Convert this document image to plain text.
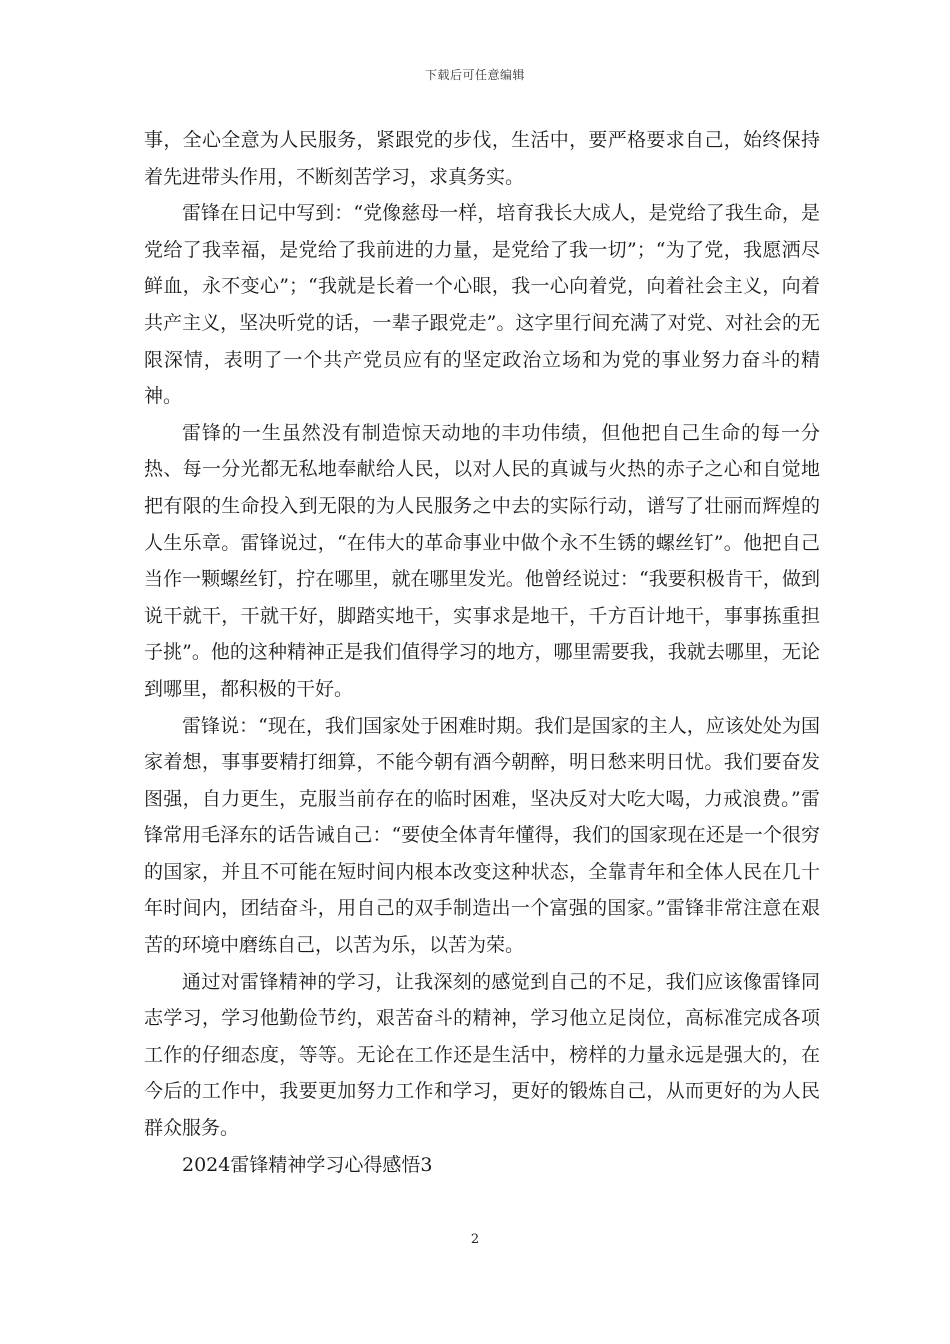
下载后可任意编辑

事，全心全意为人民服务，紧跟党的步伐，生活中，要严格要求自己，始终保持着先进带头作用，不断刻苦学习，求真务实。

雷锋在日记中写到：“党像慈母一样，培育我长大成人，是党给了我生命，是党给了我幸福，是党给了我前进的力量，是党给了我一切”；“为了党，我愿洒尽鲜血，永不变心”；“我就是长着一个心眼，我一心向着党，向着社会主义，向着共产主义，坚决听党的话，一辈子跟党走”。这字里行间充满了对党、对社会的无限深情，表明了一个共产党员应有的坚定政治立场和为党的事业努力奋斗的精神。

雷锋的一生虽然没有制造惊天动地的丰功伟绩，但他把自己生命的每一分热、每一分光都无私地奉献给人民，以对人民的真诚与火热的赤子之心和自觉地把有限的生命投入到无限的为人民服务之中去的实际行动，谱写了壮丽而辉煌的人生乐章。雷锋说过，“在伟大的革命事业中做个永不生锈的螺丝钉”。他把自己当作一颗螺丝钉，拧在哪里，就在哪里发光。他曾经说过：“我要积极肯干，做到说干就干，干就干好，脚踏实地干，实事求是地干，千方百计地干，事事拣重担子挑”。他的这种精神正是我们值得学习的地方，哪里需要我，我就去哪里，无论到哪里，都积极的干好。

雷锋说：“现在，我们国家处于困难时期。我们是国家的主人，应该处处为国家着想，事事要精打细算，不能今朝有酒今朝醉，明日愁来明日忧。我们要奋发图强，自力更生，克服当前存在的临时困难，坚决反对大吃大喝，力戒浪费。”雷锋常用毛泽东的话告诫自己：“要使全体青年懂得，我们的国家现在还是一个很穷的国家，并且不可能在短时间内根本改变这种状态，全靠青年和全体人民在几十年时间内，团结奋斗，用自己的双手制造出一个富强的国家。”雷锋非常注意在艰苦的环境中磨练自己，以苦为乐，以苦为荣。

通过对雷锋精神的学习，让我深刻的感觉到自己的不足，我们应该像雷锋同志学习，学习他勤俭节约，艰苦奋斗的精神，学习他立足岗位，高标准完成各项工作的仔细态度，等等。无论在工作还是生活中，榜样的力量永远是强大的，在今后的工作中，我要更加努力工作和学习，更好的锻炼自己，从而更好的为人民群众服务。

2024雷锋精神学习心得感悟3

2
